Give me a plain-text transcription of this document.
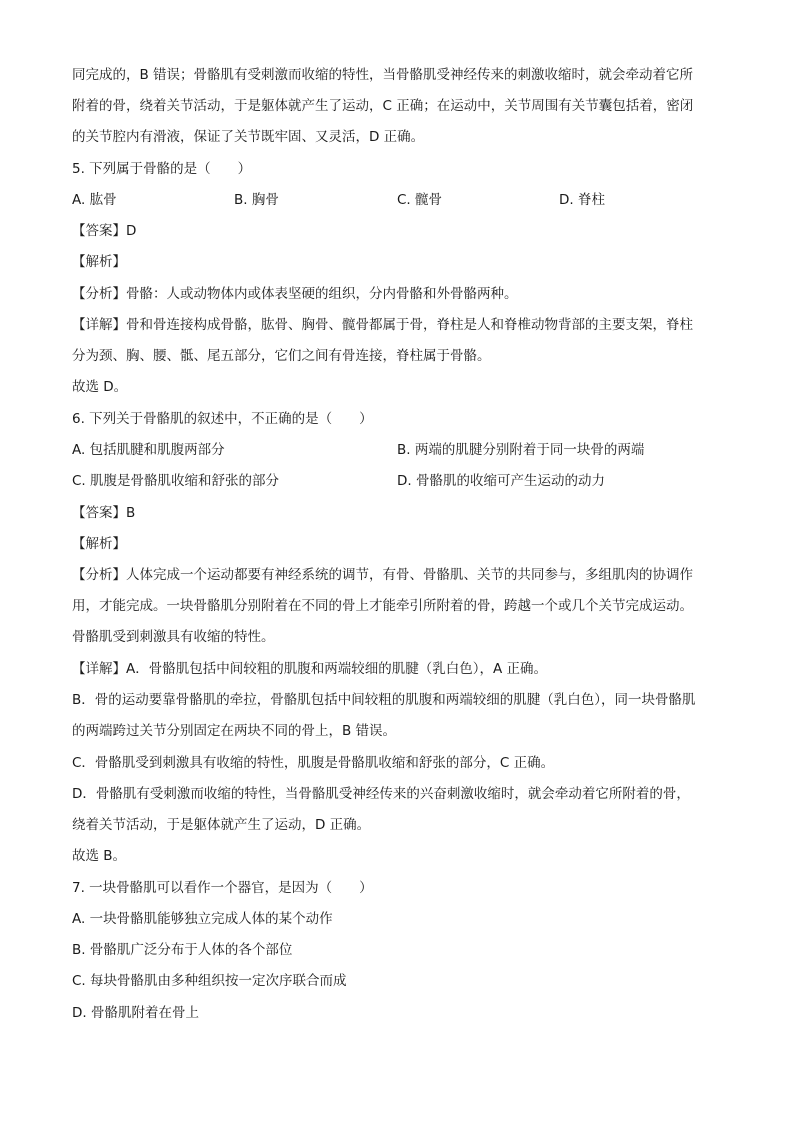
同完成的，B 错误；骨骼肌有受刺激而收缩的特性，当骨骼肌受神经传来的刺激收缩时，就会牵动着它所
附着的骨，绕着关节活动，于是躯体就产生了运动，C 正确；在运动中，关节周围有关节囊包括着，密闭
的关节腔内有滑液，保证了关节既牢固、又灵活，D 正确。
5. 下列属于骨骼的是（　　）
A. 肱骨	B. 胸骨	C. 髋骨	D. 脊柱
【答案】D
【解析】
【分析】骨骼：人或动物体内或体表坚硬的组织，分内骨骼和外骨骼两种。
【详解】骨和骨连接构成骨骼，肱骨、胸骨、髋骨都属于骨，脊柱是人和脊椎动物背部的主要支架，脊柱
分为颈、胸、腰、骶、尾五部分，它们之间有骨连接，脊柱属于骨骼。
故选 D。
6. 下列关于骨骼肌的叙述中，不正确的是（　　）
A. 包括肌腱和肌腹两部分	B. 两端的肌腱分别附着于同一块骨的两端
C. 肌腹是骨骼肌收缩和舒张的部分	D. 骨骼肌的收缩可产生运动的动力
【答案】B
【解析】
【分析】人体完成一个运动都要有神经系统的调节，有骨、骨骼肌、关节的共同参与，多组肌肉的协调作
用，才能完成。一块骨骼肌分别附着在不同的骨上才能牵引所附着的骨，跨越一个或几个关节完成运动。
骨骼肌受到刺激具有收缩的特性。
【详解】A．骨骼肌包括中间较粗的肌腹和两端较细的肌腱（乳白色），A 正确。
B．骨的运动要靠骨骼肌的牵拉，骨骼肌包括中间较粗的肌腹和两端较细的肌腱（乳白色），同一块骨骼肌
的两端跨过关节分别固定在两块不同的骨上，B 错误。
C．骨骼肌受到刺激具有收缩的特性，肌腹是骨骼肌收缩和舒张的部分，C 正确。
D．骨骼肌有受刺激而收缩的特性，当骨骼肌受神经传来的兴奋刺激收缩时，就会牵动着它所附着的骨，
绕着关节活动，于是躯体就产生了运动，D 正确。
故选 B。
7. 一块骨骼肌可以看作一个器官，是因为（　　）
A. 一块骨骼肌能够独立完成人体的某个动作
B. 骨骼肌广泛分布于人体的各个部位
C. 每块骨骼肌由多种组织按一定次序联合而成
D. 骨骼肌附着在骨上
